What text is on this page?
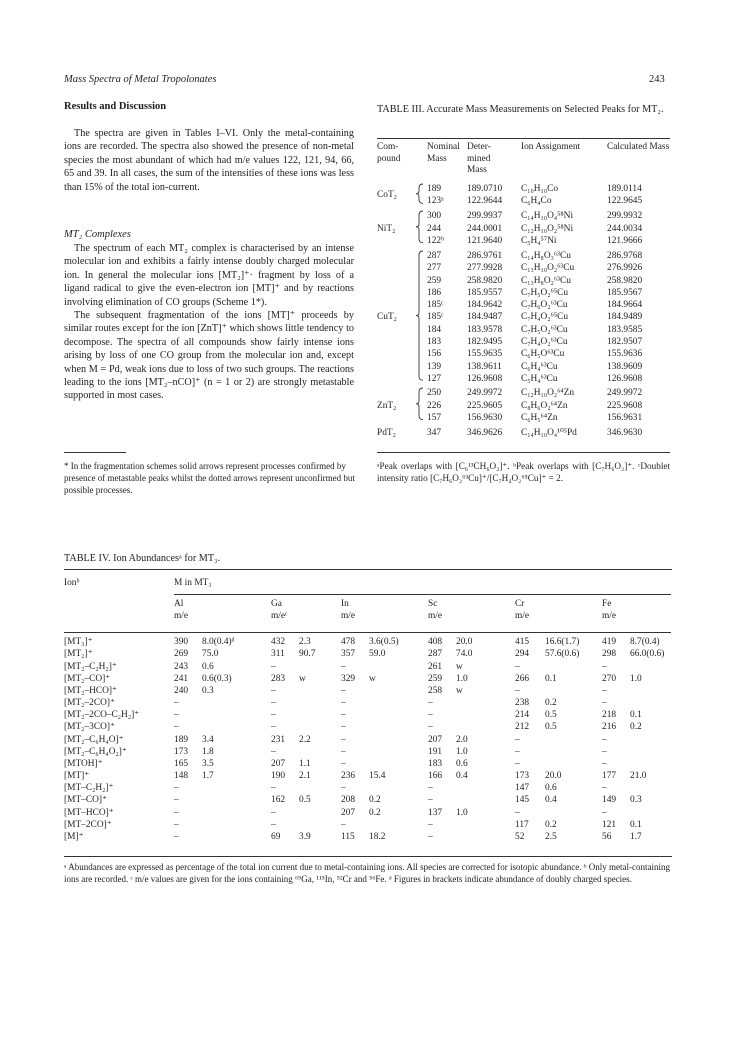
Mass Spectra of Metal Tropolonates	243
Results and Discussion

The spectra are given in Tables I–VI. Only the metal-containing ions are recorded. The spectra also showed the presence of non-metal species the most abundant of which had m/e values 122, 121, 94, 66, 65 and 39. In all cases, the sum of the intensities of these ions was less than 15% of the total ion-current.

MT₂ Complexes

The spectrum of each MT₂ complex is characterised by an intense molecular ion and exhibits a fairly intense doubly charged molecular ion. In general the molecular ions [MT₂]⁺· fragment by loss of a ligand radical to give the even-electron ion [MT]⁺ and by reactions involving elimination of CO groups (Scheme 1*).

The subsequent fragmentation of the ions [MT]⁺ proceeds by similar routes except for the ion [ZnT]⁺ which shows little tendency to decompose. The spectra of all compounds show fairly intense ions arising by loss of one CO group from the molecular ion and, except when M = Pd, weak ions due to loss of two such groups. The reactions leading to the ions [MT₂–nCO]⁺ (n = 1 or 2) are strongly metastable supported in most cases.

* In the fragmentation schemes solid arrows represent processes confirmed by presence of metastable peaks whilst the dotted arrows represent unconfirmed but possible processes.
TABLE III. Accurate Mass Measurements on Selected Peaks for MT₂.
Com- pound	Nominal Mass		Deter- mined Mass	Ion Assignment	Calculated Mass
CoT₂		189	189.0710	C₁₀H₁₀Co	189.0114
		123ᵃ	122.9644	C₆H₄Co	122.9645
NiT₂		300	299.9937	C₁₄H₁₀O₄⁵⁸Ni	299.9932
		244	244.0001	C₁₂H₁₀O₂⁵⁸Ni	244.0034
		122ᵇ	121.9640	C₅H₄⁵⁷Ni	121.9666
CuT₂		287	286.9761	C₁₄H₈O₃⁶³Cu	286.9768
		277	277.9928	C₁₃H₁₀O₂⁶³Cu	276.9926
		259	258.9820	C₁₃H₈O₂⁶³Cu	258.9820
		186	185.9557	C₇H₅O₂⁶⁵Cu	185.9567
		185ᶜ	184.9642	C₇H₆O₂⁶³Cu	184.9664
		185ᶜ	184.9487	C₇H₄O₂⁶⁵Cu	184.9489
		184	183.9578	C₇H₅O₂⁶³Cu	183.9585
		183	182.9495	C₇H₄O₂⁶³Cu	182.9507
		156	155.9635	C₆H₅O⁶³Cu	155.9636
		139	138.9611	C₆H₄⁶³Cu	138.9609
		127	126.9608	C₅H₄⁶³Cu	126.9608
ZnT₂		250	249.9972	C₁₂H₁₀O₂⁶⁴Zn	249.9972
		226	225.9605	C₈H₆O₂⁶⁴Zn	225.9608
		157	156.9630	C₆H₅⁶⁴Zn	156.9631
PdT₂		347	346.9626	C₁₄H₁₀O₄¹⁰⁵Pd	346.9630
ᵃPeak overlaps with [C₆¹³CH₆O₂]⁺. ᵇPeak overlaps with [C₇H₆O₂]⁺. ᶜDoublet intensity ratio [C₇H₆O₂⁶³Cu]⁺/[C₇H₄O₂⁶⁵Cu]⁺ = 2.
TABLE IV. Ion Abundancesᵃ for MT₃.
Ionᵇ	M in MT₃											

	Al		Ga		In		Sc		Cr		Fe	
	m/e		m/eᶜ		m/e		m/e		m/e		m/e	

[MT₃]⁺	390	8.0(0.4)ᵈ	432	2.3	478	3.6(0.5)	408	20.0	415	16.6(1.7)	419	8.7(0.4)
[MT₂]⁺	269	75.0	311	90.7	357	59.0	287	74.0	294	57.6(0.6)	298	66.0(0.6)
[MT₂–C₂H₂]⁺	243	0.6	–		–		261	w	–		–	
[MT₂–CO]⁺	241	0.6(0.3)	283	w	329	w	259	1.0	266	0.1	270	1.0
[MT₂–HCO]⁺	240	0.3	–		–		258	w	–		–	
[MT₂–2CO]⁺	–		–		–		–		238	0.2	–	
[MT₂–2CO–C₂H₂]⁺	–		–		–		–		214	0.5	218	0.1
[MT₂–3CO]⁺	–		–		–		–		212	0.5	216	0.2
[MT₂–C₆H₄O]⁺	189	3.4	231	2.2	–		207	2.0	–		–	
[MT₂–C₆H₄O₂]⁺	173	1.8	–		–		191	1.0	–		–	
[MTOH]⁺	165	3.5	207	1.1	–		183	0.6	–		–	
[MT]⁺	148	1.7	190	2.1	236	15.4	166	0.4	173	20.0	177	21.0
[MT–C₂H₂]⁺	–		–		–		–		147	0.6	–	
[MT–CO]⁺	–		162	0.5	208	0.2	–		145	0.4	149	0.3
[MT–HCO]⁺	–		–		207	0.2	137	1.0	–		–	
[MT–2CO]⁺	–		–		–		–		117	0.2	121	0.1
[M]⁺	–		69	3.9	115	18.2	–		52	2.5	56	1.7
ᵃ Abundances are expressed as percentage of the total ion current due to metal-containing ions. All species are corrected for isotopic abundance. ᵇ Only metal-containing ions are recorded. ᶜ m/e values are given for the ions containing ⁶⁹Ga, ¹¹⁵In, ⁵²Cr and ⁵⁶Fe. ᵈ Figures in brackets indicate abundance of doubly charged species.
